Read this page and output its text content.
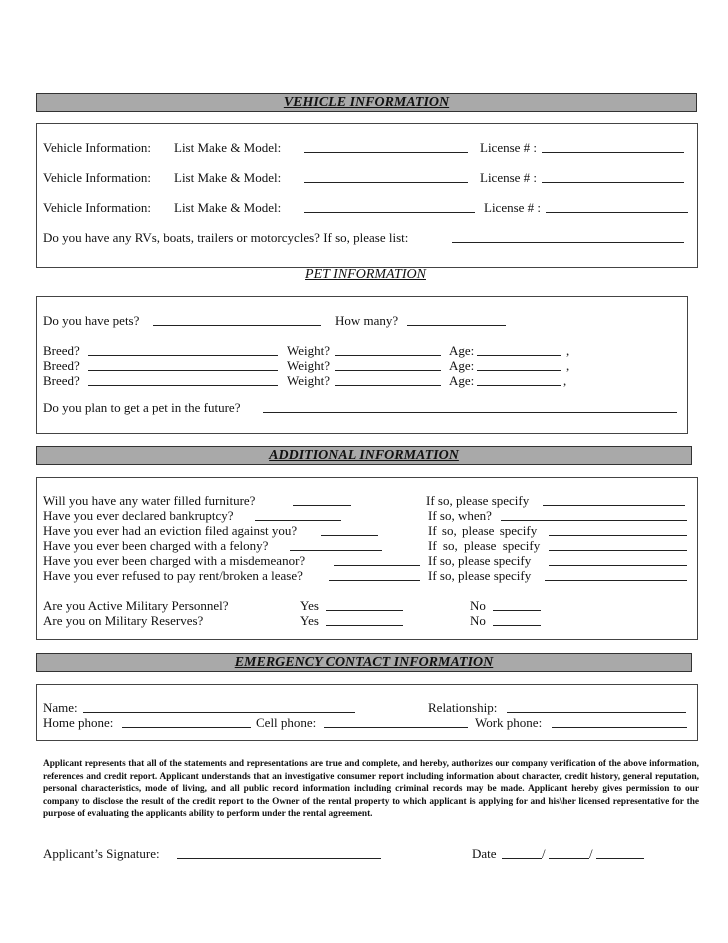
VEHICLE INFORMATION
Vehicle Information: List Make & Model:	License # :
Vehicle Information: List Make & Model:	License # :
Vehicle Information: List Make & Model:	License # :
Do you have any RVs, boats, trailers or motorcycles? If so, please list:
PET INFORMATION
Do you have pets?	How many?
Breed?	Weight?	Age:	,
Breed?	Weight?	Age:	,
Breed?	Weight?	Age:	,
Do you plan to get a pet in the future?
ADDITIONAL INFORMATION
Will you have any water filled furniture?	If so, please specify
Have you ever declared bankruptcy?	If so, when?
Have you ever had an eviction filed against you?	If so, please specify
Have you ever been charged with a felony?	If so, please specify
Have you ever been charged with a misdemeanor?	If so, please specify
Have you ever refused to pay rent/broken a lease?	If so, please specify
Are you Active Military Personnel?	Yes	No
Are you on Military Reserves?	Yes	No
EMERGENCY CONTACT INFORMATION
Name:	Relationship:
Home phone:	Cell phone:	Work phone:
Applicant represents that all of the statements and representations are true and complete, and hereby, authorizes our company verification of the above information, references and credit report. Applicant understands that an investigative consumer report including information about character, credit history, general reputation, personal characteristics, mode of living, and all public record information including criminal records may be made. Applicant hereby gives permission to our company to disclose the result of the credit report to the Owner of the rental property to which applicant is applying for and his\her licensed representative for the purpose of evaluating the applicants ability to perform under the rental agreement.
Applicant’s Signature:	Date	/	/
